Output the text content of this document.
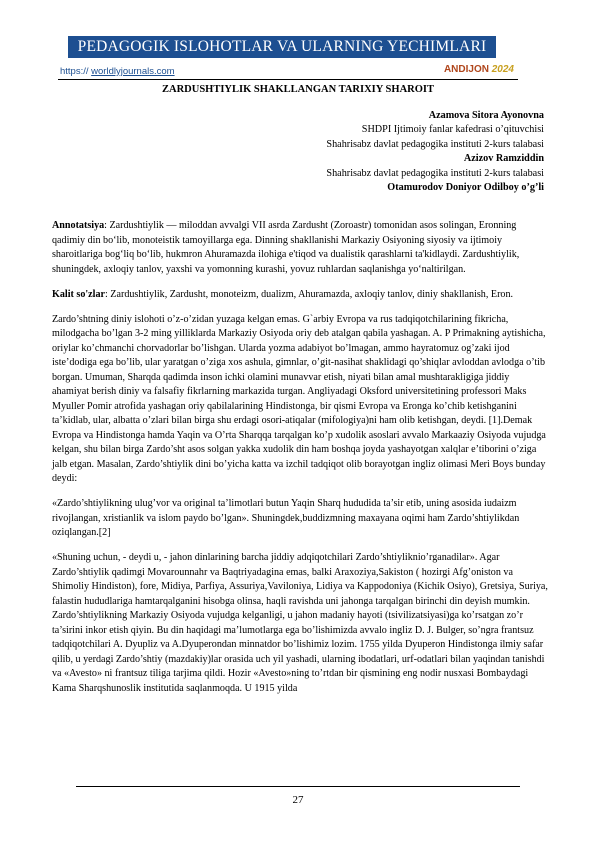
PEDAGOGIK ISLOHOTLAR VA ULARNING YECHIMLARI
https:// worldlyjournals.com	ANDIJON 2024
ZARDUSHTIYLIK SHAKLLANGAN TARIXIY SHAROIT
Azamova Sitora Ayonovna
SHDPI Ijtimoiy fanlar kafedrasi o’qituvchisi
Shahrisabz davlat pedagogika instituti 2-kurs talabasi
Azizov Ramziddin
Shahrisabz davlat pedagogika instituti 2-kurs talabasi
Otamurodov Doniyor Odilboy o’g’li

Annotatsiya: Zardushtiylik — miloddan avvalgi VII asrda Zardusht (Zoroastr) tomonidan asos solingan, Eronning qadimiy din bo‘lib, monoteistik tamoyillarga ega. Dinning shakllanishi Markaziy Osiyoning siyosiy va ijtimoiy sharoitlariga bog‘liq bo‘lib, hukmron Ahuramazda ilohiga e'tiqod va dualistik qarashlarni ta'kidlaydi. Zardushtiylik, shuningdek, axloqiy tanlov, yaxshi va yomonning kurashi, yovuz ruhlardan saqlanishga yo‘naltirilgan.

Kalit so'zlar: Zardushtiylik, Zardusht, monoteizm, dualizm, Ahuramazda, axloqiy tanlov, diniy shakllanish, Eron.

Zardo’shtning diniy islohoti o’z-o’zidan yuzaga kelgan emas. G`arbiy Evropa va rus tadqiqotchilarining fikricha, milodgacha bo’lgan 3-2 ming yilliklarda Markaziy Osiyoda oriy deb atalgan qabila yashagan. A. P Primakning aytishicha, oriylar ko’chmanchi chorvadorlar bo’lishgan. Ularda yozma adabiyot bo’lmagan, ammo hayratomuz og’zaki ijod iste’dodiga ega bo’lib, ular yaratgan o’ziga xos ashula, gimnlar, o’git-nasihat shaklidagi qo’shiqlar avloddan avlodga o’tib borgan. Umuman, Sharqda qadimda inson ichki olamini munavvar etish, niyati bilan amal mushtarakligiga jiddiy ahamiyat berish diniy va falsafiy fikrlarning markazida turgan. Angliyadagi Oksford universitetining professori Maks Myuller Pomir atrofida yashagan oriy qabilalarining Hindistonga, bir qismi Evropa va Eronga ko’chib ketishganini ta’kidlab, ular, albatta o’zlari bilan birga shu erdagi osori-atiqalar (mifologiya)ni ham olib ketishgan, deydi. [1].Demak Evropa va Hindistonga hamda Yaqin va O’rta Sharqqa tarqalgan ko’p xudolik asoslari avvalo Markaaziy Osiyoda vujudga kelgan, shu bilan birga Zardo’sht asos solgan yakka xudolik din ham boshqa joyda yashayotgan xalqlar e’tiborini o’ziga jalb etgan. Masalan, Zardo’shtiylik dini bo’yicha katta va izchil tadqiqot olib borayotgan ingliz olimasi Meri Boys bunday deydi:

«Zardo’shtiylikning ulug’vor va original ta’limotlari butun Yaqin Sharq hududida ta’sir etib, uning asosida iudaizm rivojlangan, xristianlik va islom paydo bo’lgan». Shuningdek,buddizmning maxayana oqimi ham Zardo’shtiylikdan oziqlangan.[2]

«Shuning uchun, - deydi u, - jahon dinlarining barcha jiddiy adqiqotchilari Zardo’shtiyliknio’rganadilar». Agar Zardo’shtiylik qadimgi Movarounnahr va Baqtriyadagina emas, balki Araxoziya,Sakiston ( hozirgi Afg’oniston va Shimoliy Hindiston), fore, Midiya, Parfiya, Assuriya,Vaviloniya, Lidiya va Kappodoniya (Kichik Osiyo), Gretsiya, Suriya, falastin hududlariga hamtarqalganini hisobga olinsa, haqli ravishda uni jahonga tarqalgan birinchi din deyish mumkin. Zardo’shtiylikning Markaziy Osiyoda vujudga kelganligi, u jahon madaniy hayoti (tsivilizatsiyasi)ga ko’rsatgan zo’r ta’sirini inkor etish qiyin. Bu din haqidagi ma’lumotlarga ega bo’lishimizda avvalo ingliz D. J. Bulger, so’ngra frantsuz tadqiqotchilari A. Dyupliz va A.Dyuperondan minnatdor bo’lishimiz lozim. 1755 yilda Dyuperon Hindistonga ilmiy safar qilib, u yerdagi Zardo’shtiy (mazdakiy)lar orasida uch yil yashadi, ularning ibodatlari, urf-odatlari bilan yaqindan tanishdi va «Avesto» ni frantsuz tiliga tarjima qildi. Hozir «Avesto»ning to’rtdan bir qismining eng nodir nusxasi Bombaydagi Kama Sharqshunoslik institutida saqlanmoqda. U 1915 yilda

27
